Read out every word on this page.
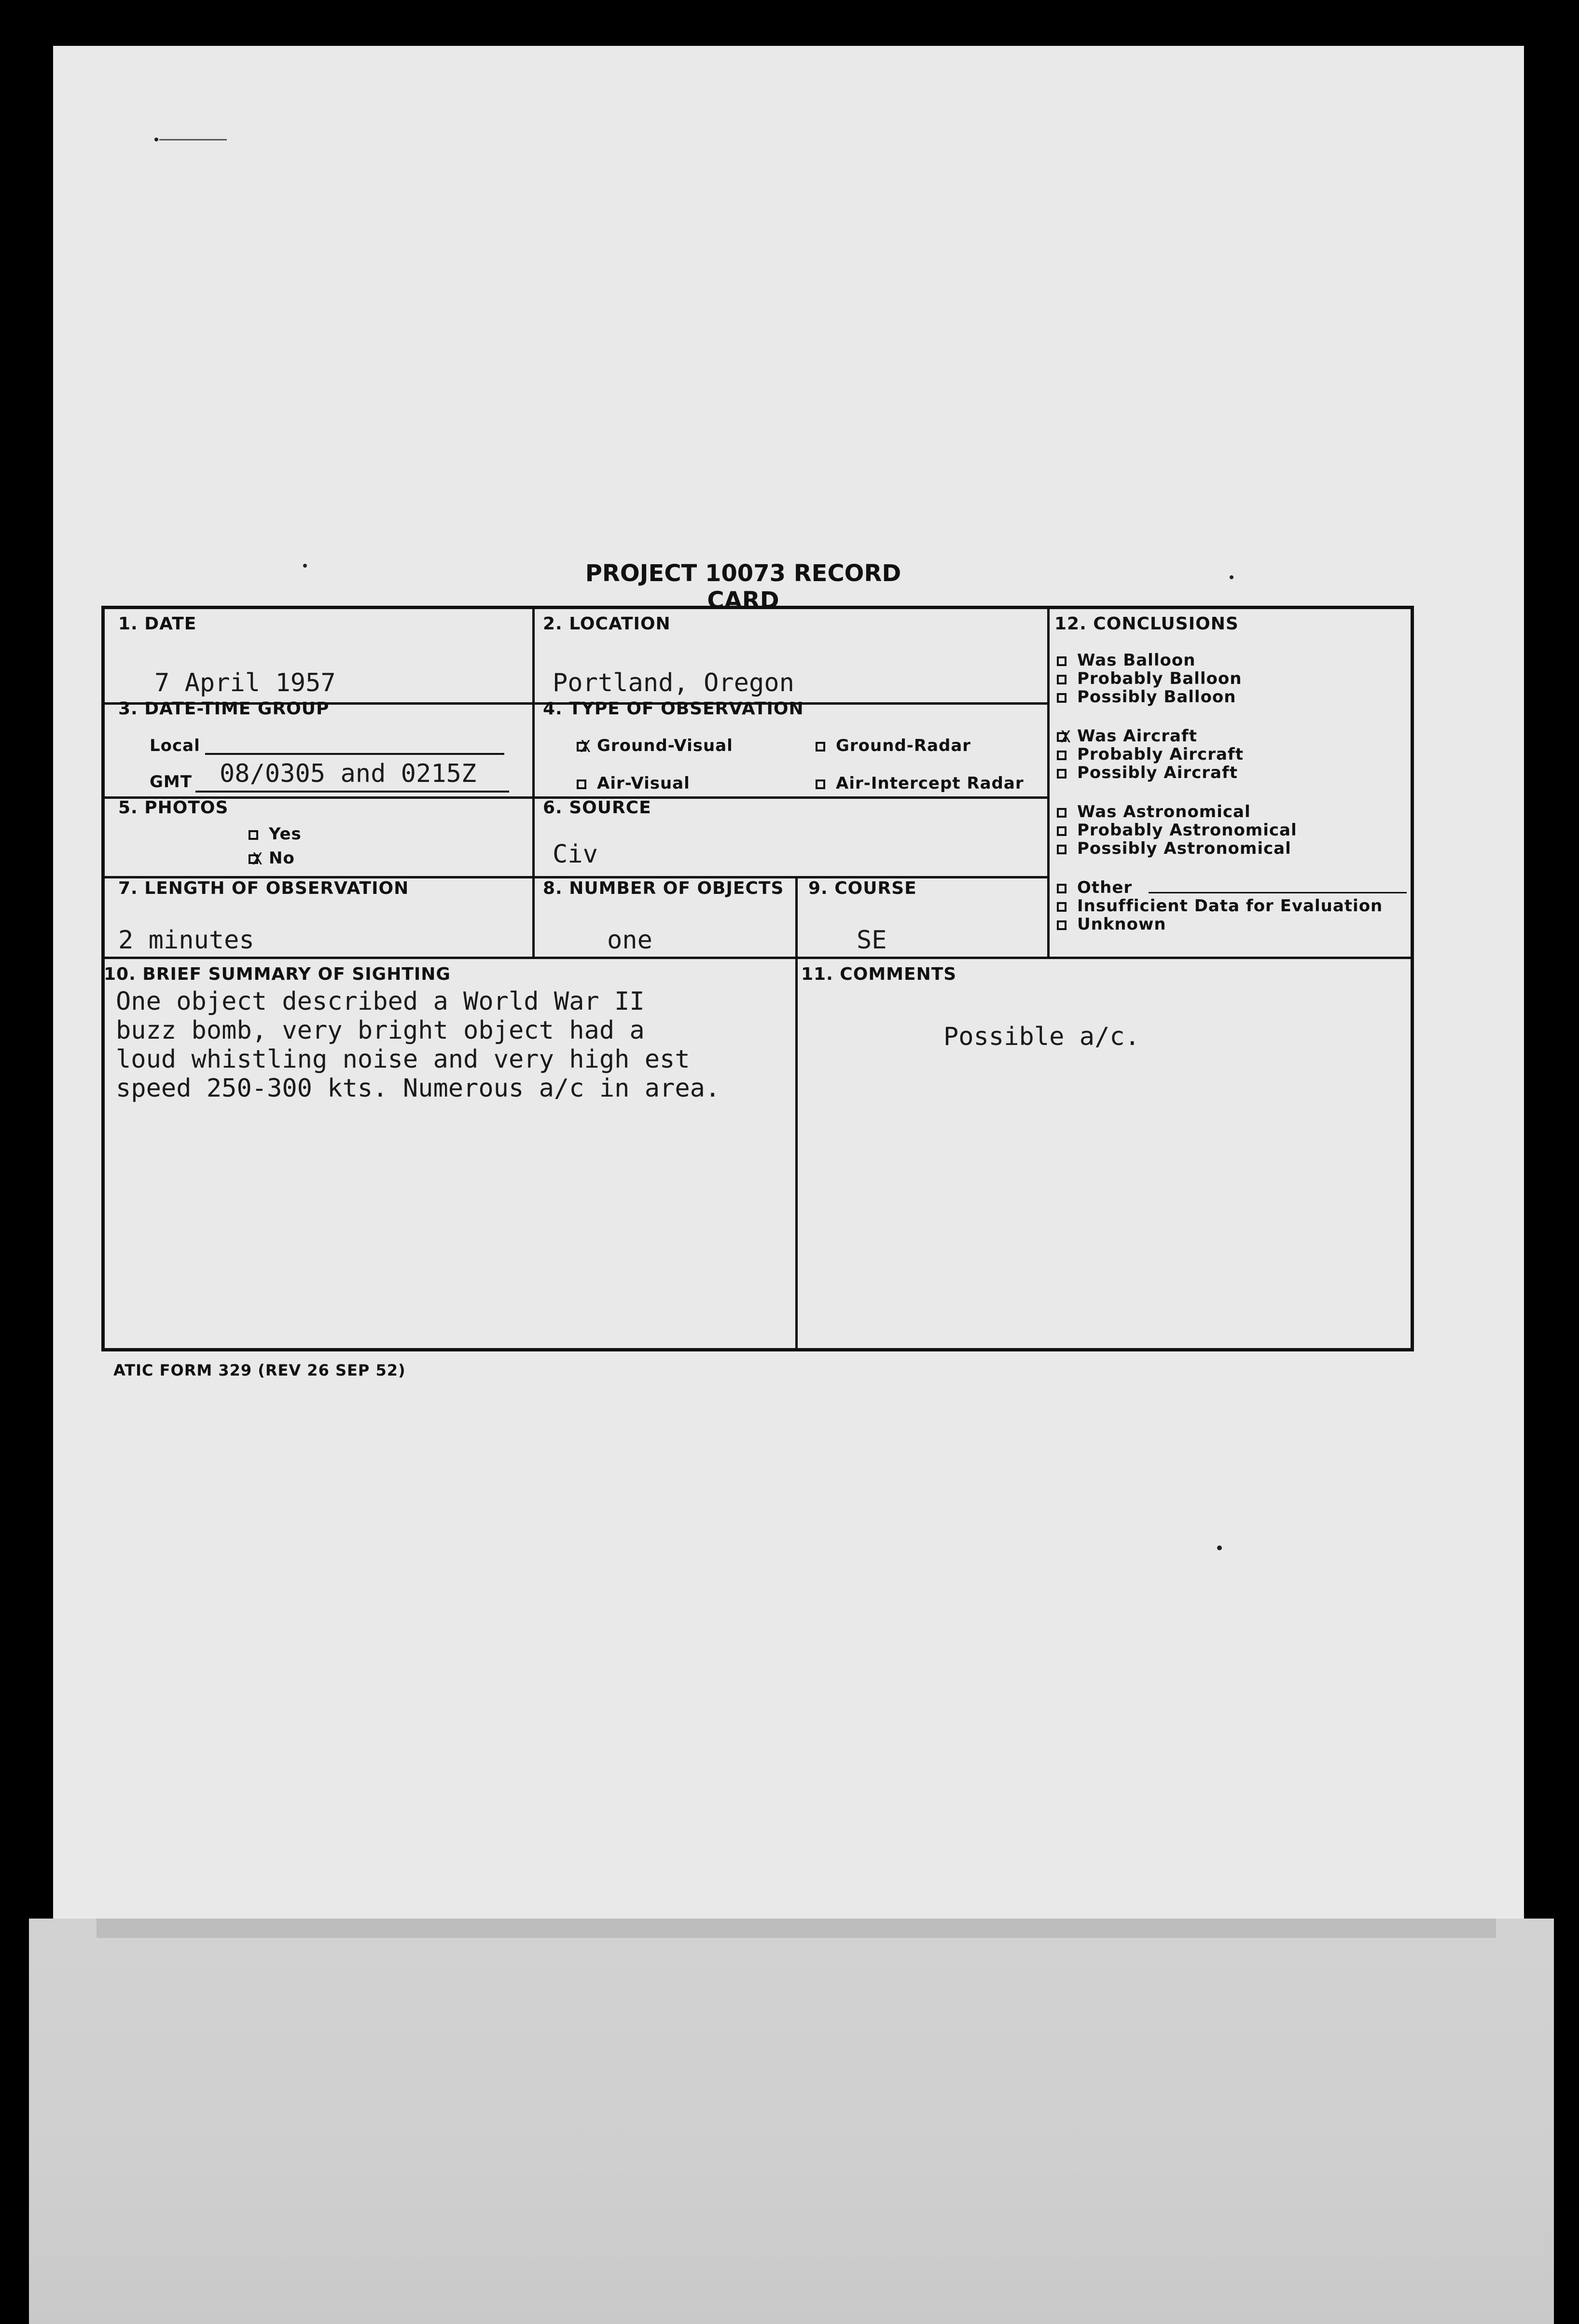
PROJECT 10073 RECORD CARD
1. DATE
7 April 1957
2. LOCATION
Portland, Oregon
3. DATE-TIME GROUP
Local
GMT 08/0305 and 0215Z
4. TYPE OF OBSERVATION
XGround-Visual	Ground-Radar
Air-Visual	Air-Intercept Radar
5. PHOTOS
Yes
XNo
6. SOURCE
Civ
7. LENGTH OF OBSERVATION
2 minutes
8. NUMBER OF OBJECTS
one
9. COURSE
SE
10. BRIEF SUMMARY OF SIGHTING
One object described a World War II
buzz bomb, very bright object had a
loud whistling noise and very high est
speed 250-300 kts. Numerous a/c in area.
11. COMMENTS
Possible a/c.
12. CONCLUSIONS
Was Balloon
Probably Balloon
Possibly Balloon
XWas Aircraft
Probably Aircraft
Possibly Aircraft
Was Astronomical
Probably Astronomical
Possibly Astronomical
Other
Insufficient Data for Evaluation
Unknown
ATIC FORM 329 (REV 26 SEP 52)
